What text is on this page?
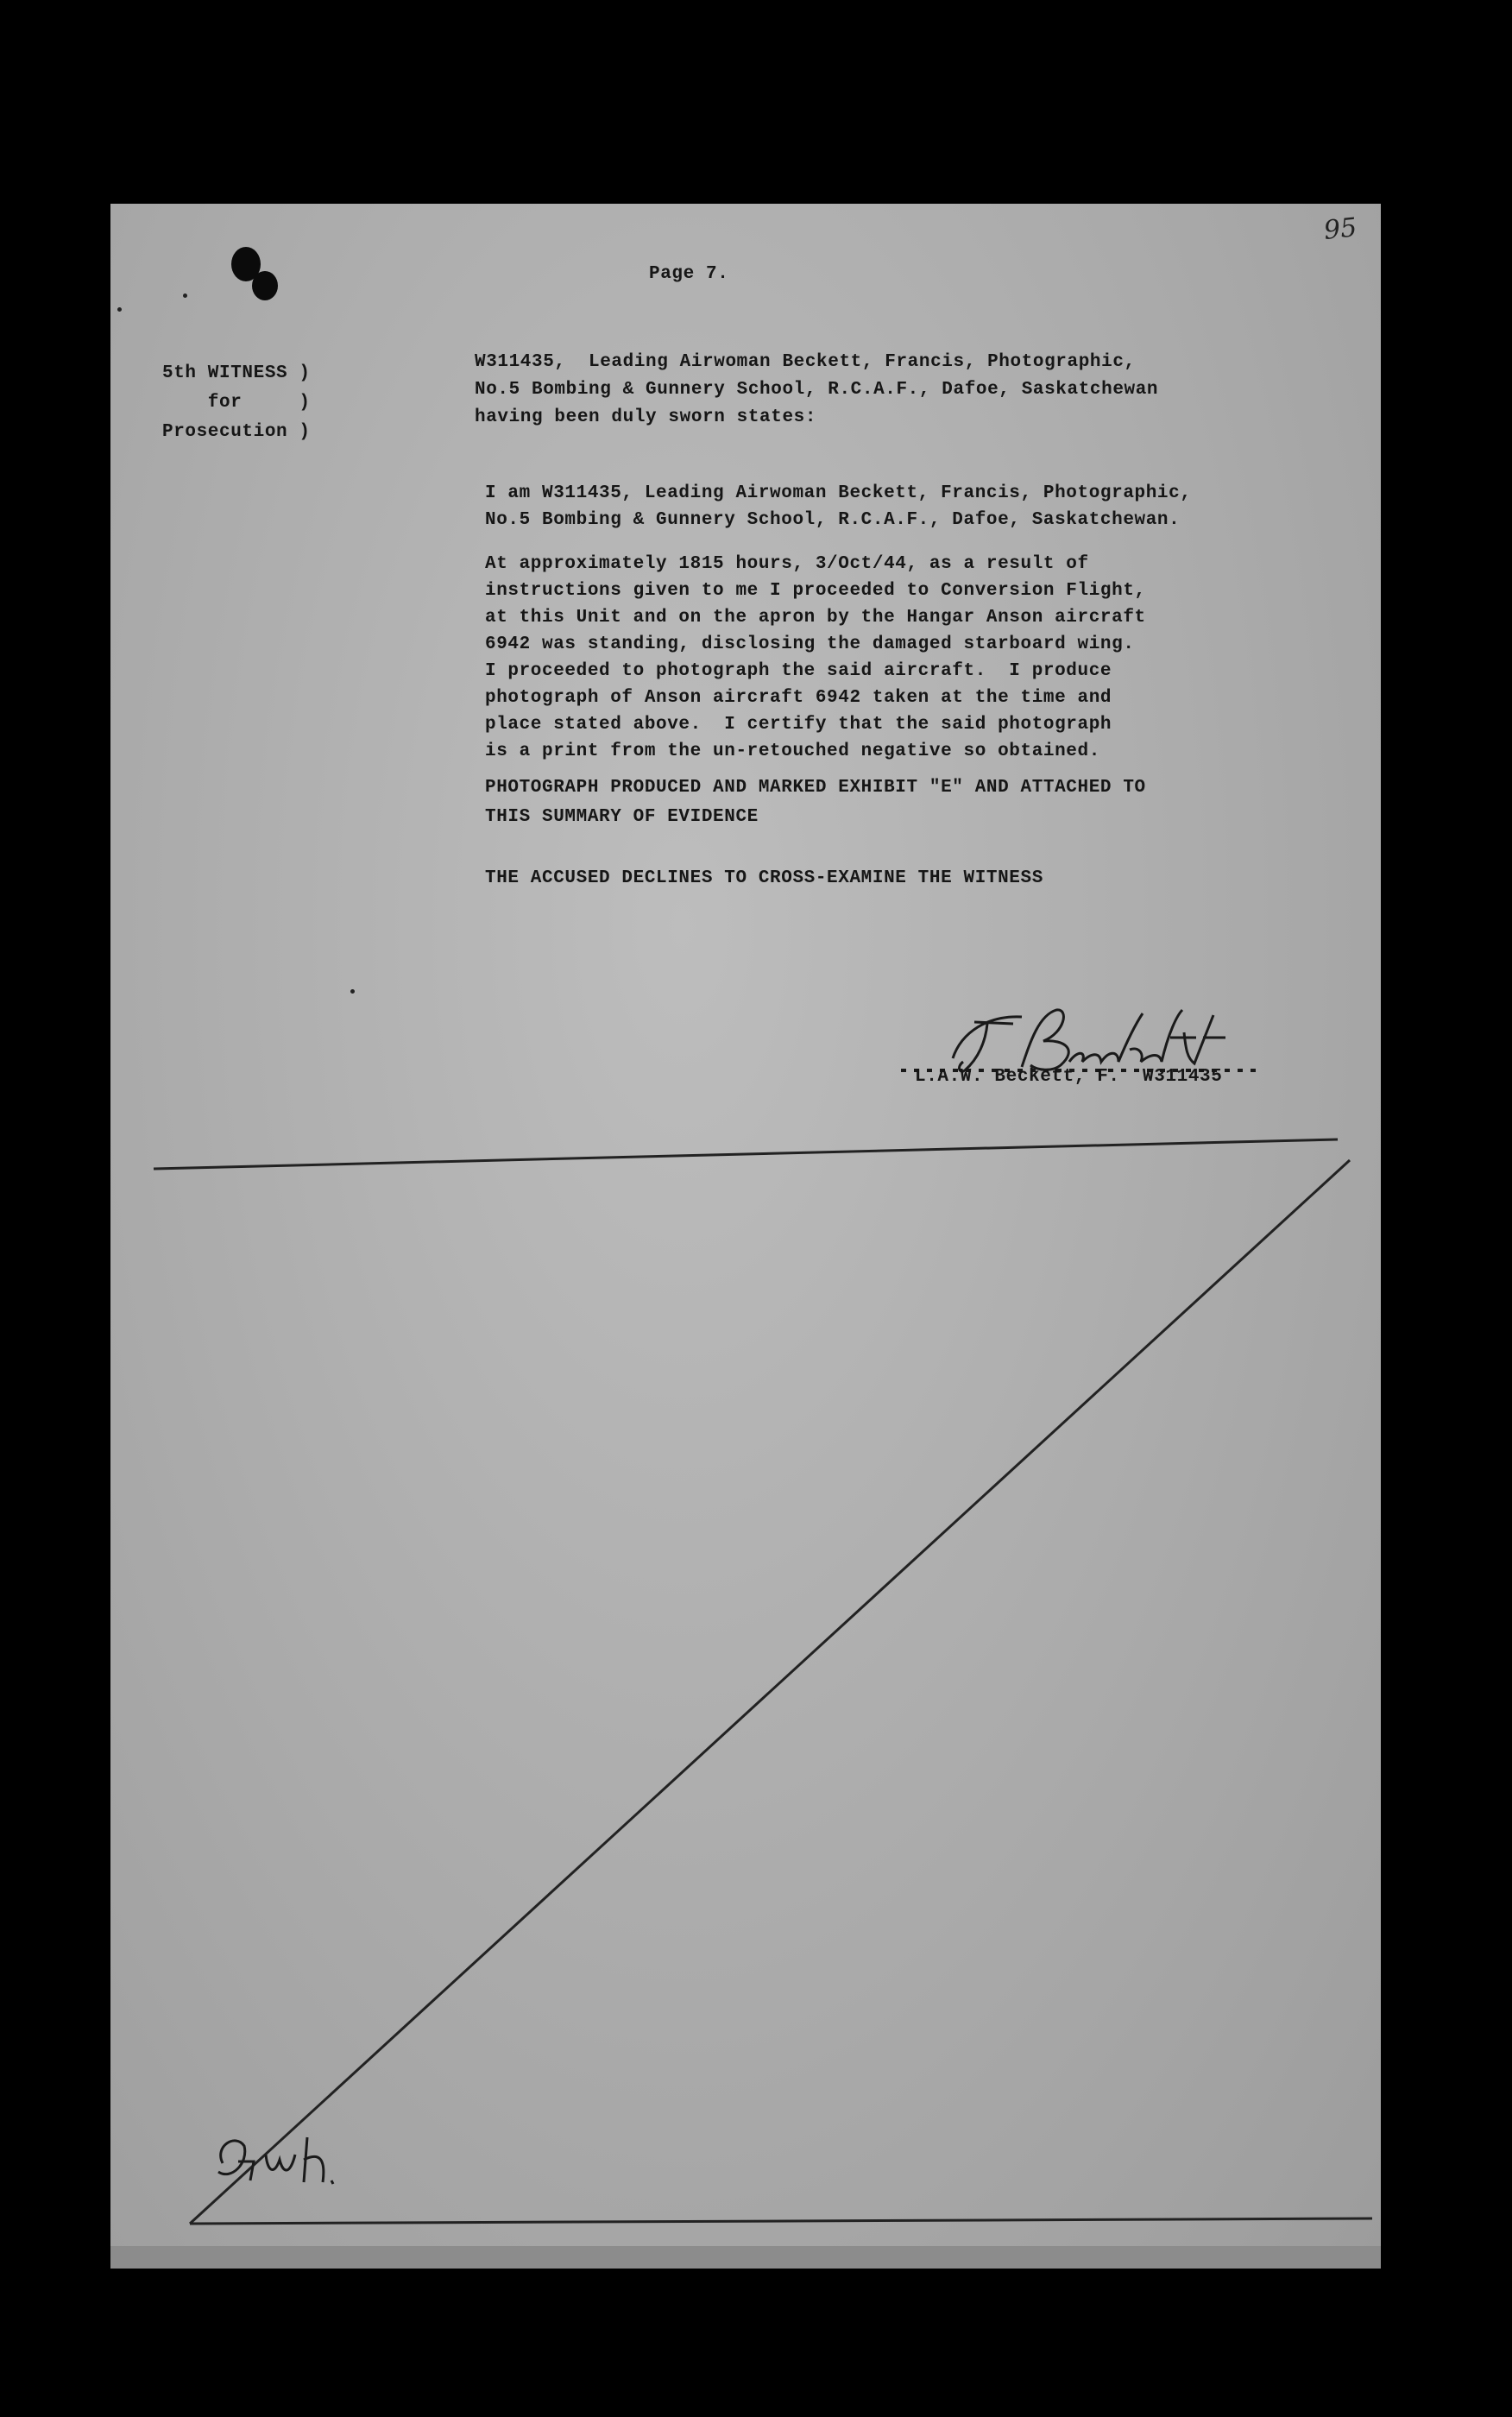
95

Page 7.

5th WITNESS )
for     )
Prosecution )

W311435,  Leading Airwoman Beckett, Francis, Photographic,
No.5 Bombing & Gunnery School, R.C.A.F., Dafoe, Saskatchewan
having been duly sworn states:

I am W311435, Leading Airwoman Beckett, Francis, Photographic,
No.5 Bombing & Gunnery School, R.C.A.F., Dafoe, Saskatchewan.

At approximately 1815 hours, 3/Oct/44, as a result of
instructions given to me I proceeded to Conversion Flight,
at this Unit and on the apron by the Hangar Anson aircraft
6942 was standing, disclosing the damaged starboard wing.
I proceeded to photograph the said aircraft.  I produce
photograph of Anson aircraft 6942 taken at the time and
place stated above.  I certify that the said photograph
is a print from the un-retouched negative so obtained.

PHOTOGRAPH PRODUCED AND MARKED EXHIBIT "E" AND ATTACHED TO
THIS SUMMARY OF EVIDENCE

THE ACCUSED DECLINES TO CROSS-EXAMINE THE WITNESS

L.A.W. Beckett, F.  W311435
